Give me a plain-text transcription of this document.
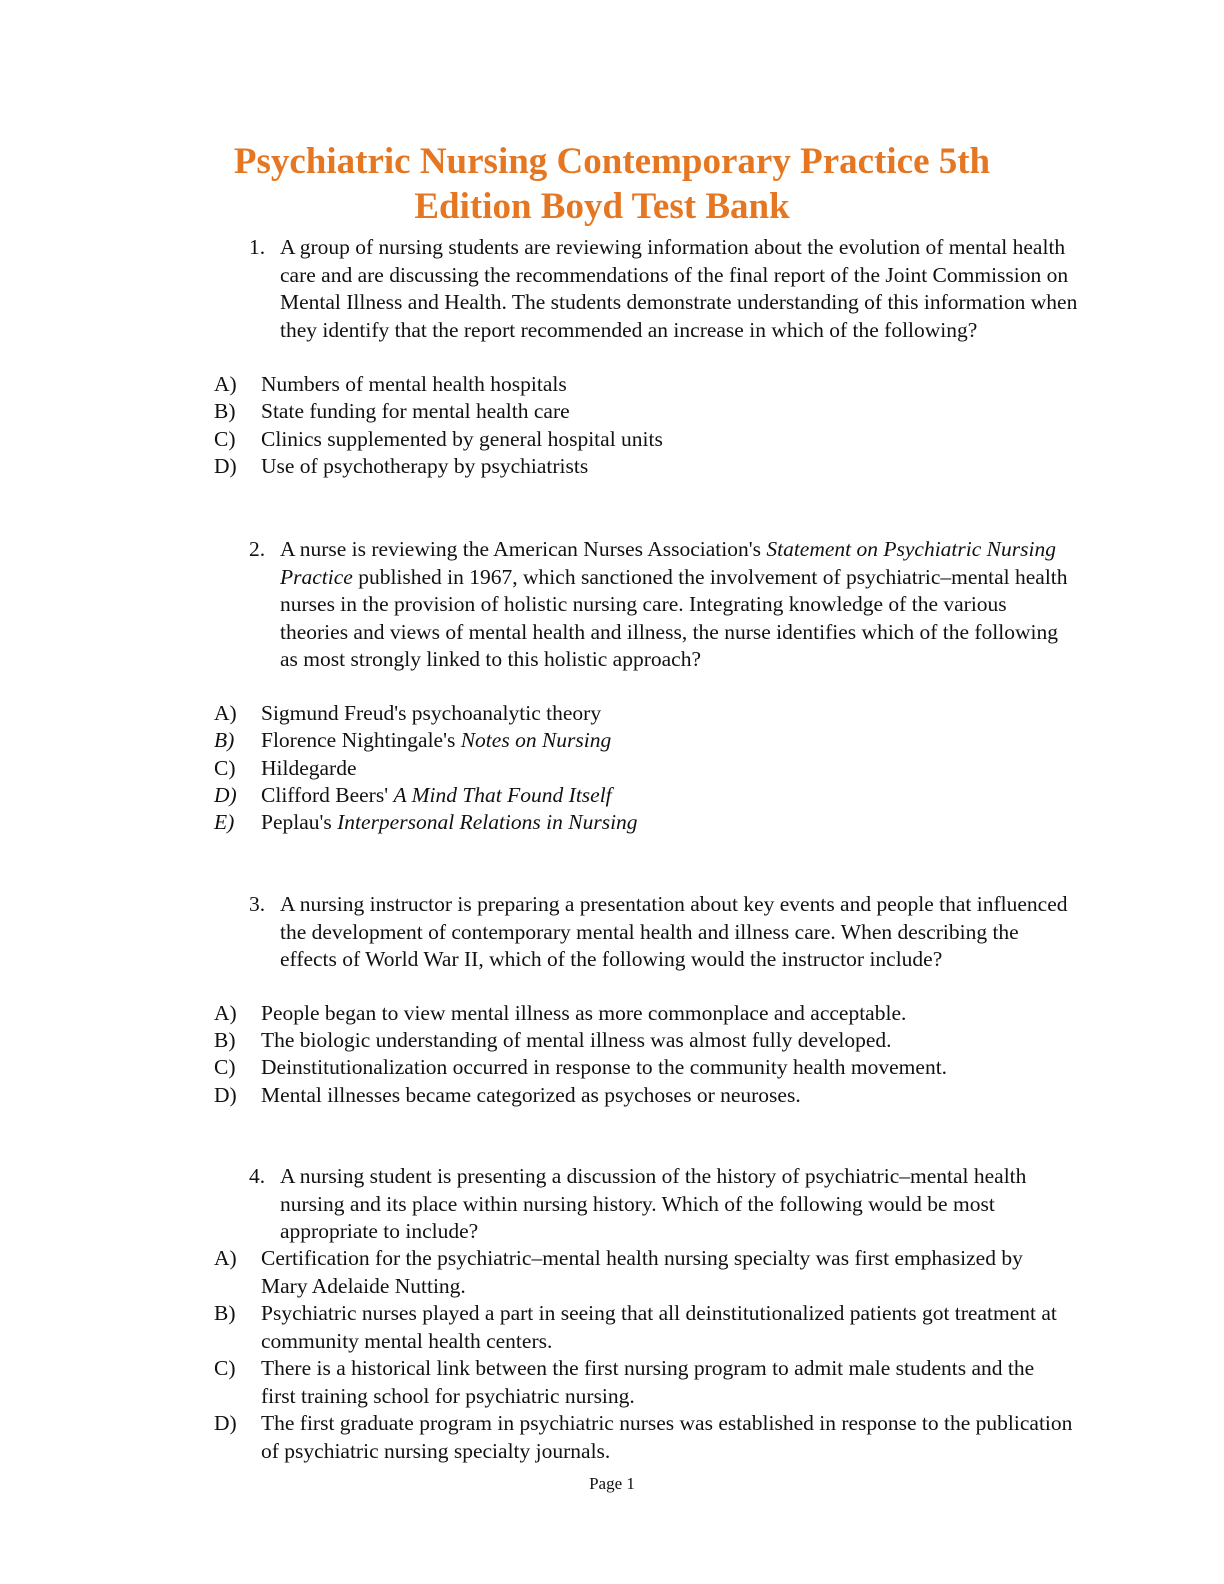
Psychiatric Nursing Contemporary Practice 5th
Edition Boyd Test Bank

1. A group of nursing students are reviewing information about the evolution of mental health care and are discussing the recommendations of the final report of the Joint Commission on Mental Illness and Health. The students demonstrate understanding of this information when they identify that the report recommended an increase in which of the following?

A) Numbers of mental health hospitals

B) State funding for mental health care

C) Clinics supplemented by general hospital units

D) Use of psychotherapy by psychiatrists

2. A nurse is reviewing the American Nurses Association's Statement on Psychiatric Nursing Practice published in 1967, which sanctioned the involvement of psychiatric–mental health nurses in the provision of holistic nursing care. Integrating knowledge of the various theories and views of mental health and illness, the nurse identifies which of the following as most strongly linked to this holistic approach?

A) Sigmund Freud's psychoanalytic theory

B) Florence Nightingale's Notes on Nursing

C) Hildegarde

D) Clifford Beers' A Mind That Found Itself

E) Peplau's Interpersonal Relations in Nursing

3. A nursing instructor is preparing a presentation about key events and people that influenced the development of contemporary mental health and illness care. When describing the effects of World War II, which of the following would the instructor include?

A) People began to view mental illness as more commonplace and acceptable.

B) The biologic understanding of mental illness was almost fully developed.

C) Deinstitutionalization occurred in response to the community health movement.

D) Mental illnesses became categorized as psychoses or neuroses.

4. A nursing student is presenting a discussion of the history of psychiatric–mental health nursing and its place within nursing history. Which of the following would be most appropriate to include?

A) Certification for the psychiatric–mental health nursing specialty was first emphasized by Mary Adelaide Nutting.

B) Psychiatric nurses played a part in seeing that all deinstitutionalized patients got treatment at community mental health centers.

C) There is a historical link between the first nursing program to admit male students and the first training school for psychiatric nursing.

D) The first graduate program in psychiatric nurses was established in response to the publication of psychiatric nursing specialty journals.

Page 1
